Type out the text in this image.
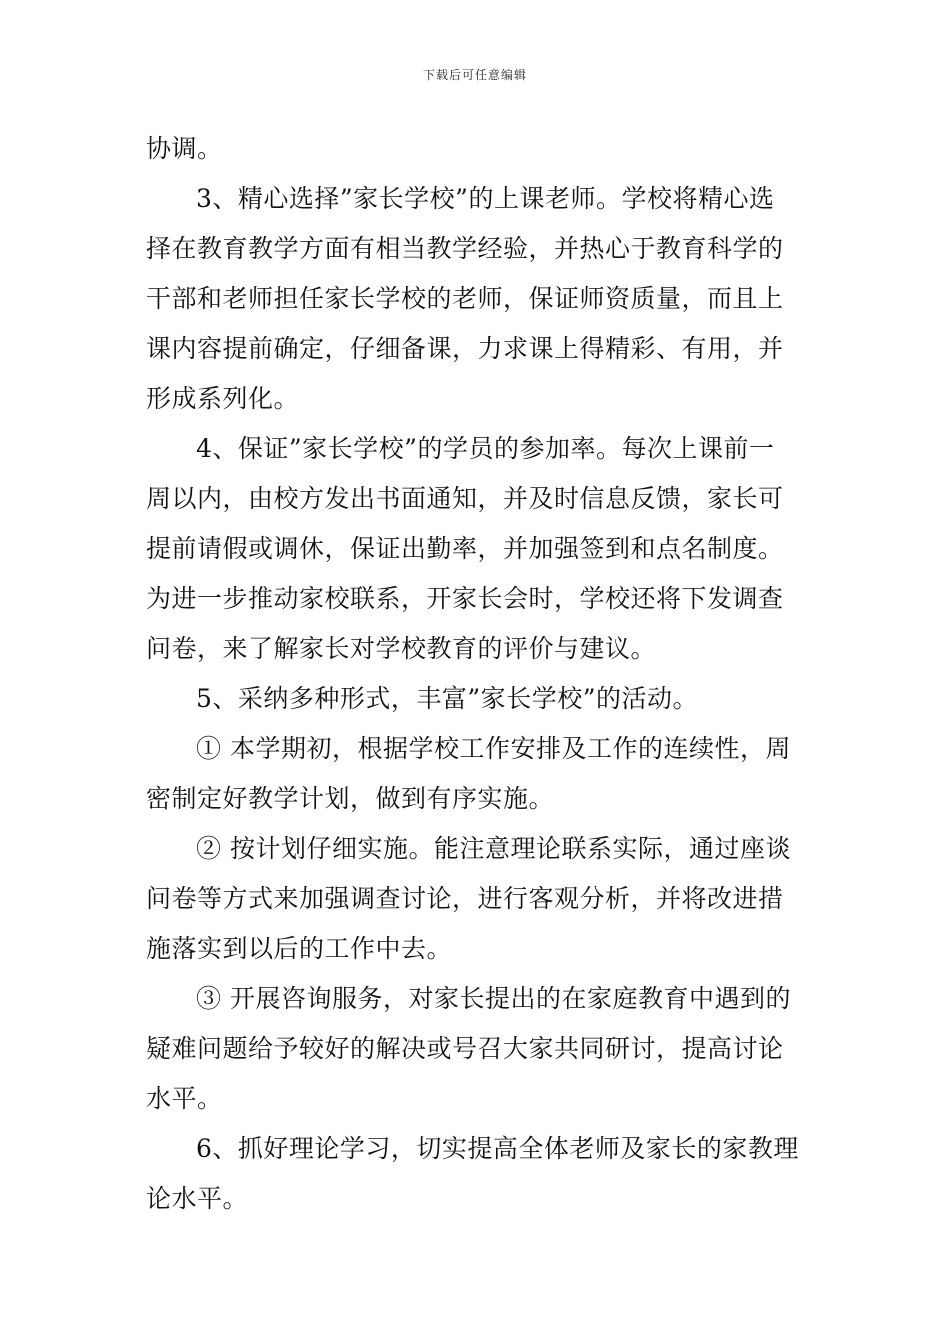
下载后可任意编辑
协调。
3、精心选择”家长学校”的上课老师。学校将精心选
择在教育教学方面有相当教学经验，并热心于教育科学的
干部和老师担任家长学校的老师，保证师资质量，而且上
课内容提前确定，仔细备课，力求课上得精彩、有用，并
形成系列化。
4、保证”家长学校”的学员的参加率。每次上课前一
周以内，由校方发出书面通知，并及时信息反馈，家长可
提前请假或调休，保证出勤率，并加强签到和点名制度。
为进一步推动家校联系，开家长会时，学校还将下发调查
问卷，来了解家长对学校教育的评价与建议。
5、采纳多种形式，丰富”家长学校”的活动。
① 本学期初，根据学校工作安排及工作的连续性，周
密制定好教学计划，做到有序实施。
② 按计划仔细实施。能注意理论联系实际，通过座谈
问卷等方式来加强调查讨论，进行客观分析，并将改进措
施落实到以后的工作中去。
③ 开展咨询服务，对家长提出的在家庭教育中遇到的
疑难问题给予较好的解决或号召大家共同研讨，提高讨论
水平。
6、抓好理论学习，切实提高全体老师及家长的家教理
论水平。
